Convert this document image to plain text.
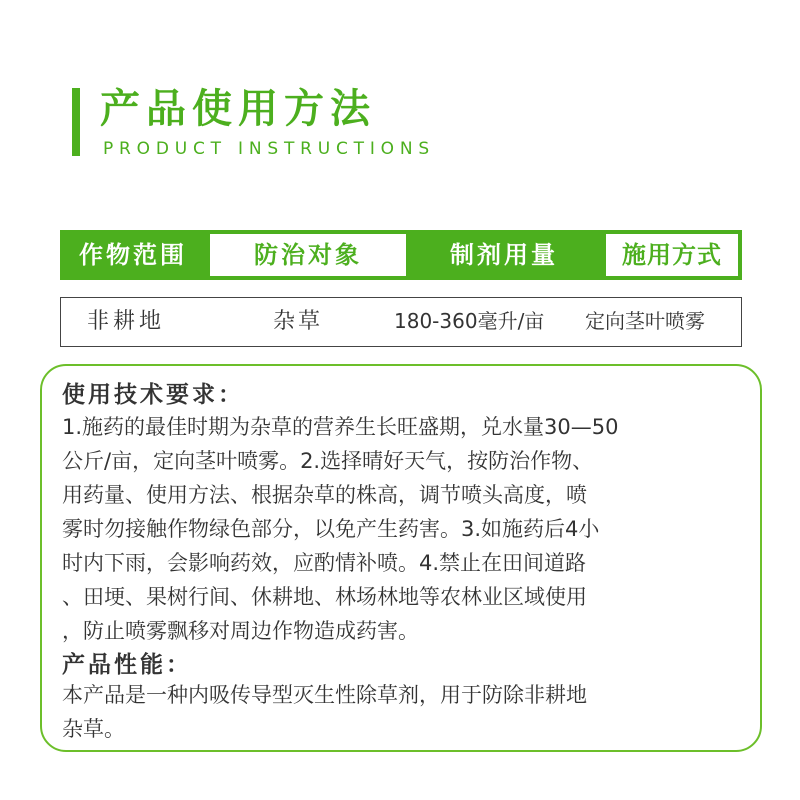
产品使用方法
PRODUCT INSTRUCTIONS
作物范围	防治对象	制剂用量	施用方式
非耕地	杂草	180-360毫升/亩 定向茎叶喷雾
使用技术要求：
1.施药的最佳时期为杂草的营养生长旺盛期，兑水量30—50
公斤/亩，定向茎叶喷雾。2.选择晴好天气，按防治作物、
用药量、使用方法、根据杂草的株高，调节喷头高度，喷
雾时勿接触作物绿色部分，以免产生药害。3.如施药后4小
时内下雨，会影响药效，应酌情补喷。4.禁止在田间道路
、田埂、果树行间、休耕地、林场林地等农林业区域使用
，防止喷雾飘移对周边作物造成药害。
产品性能：
本产品是一种内吸传导型灭生性除草剂，用于防除非耕地
杂草。
